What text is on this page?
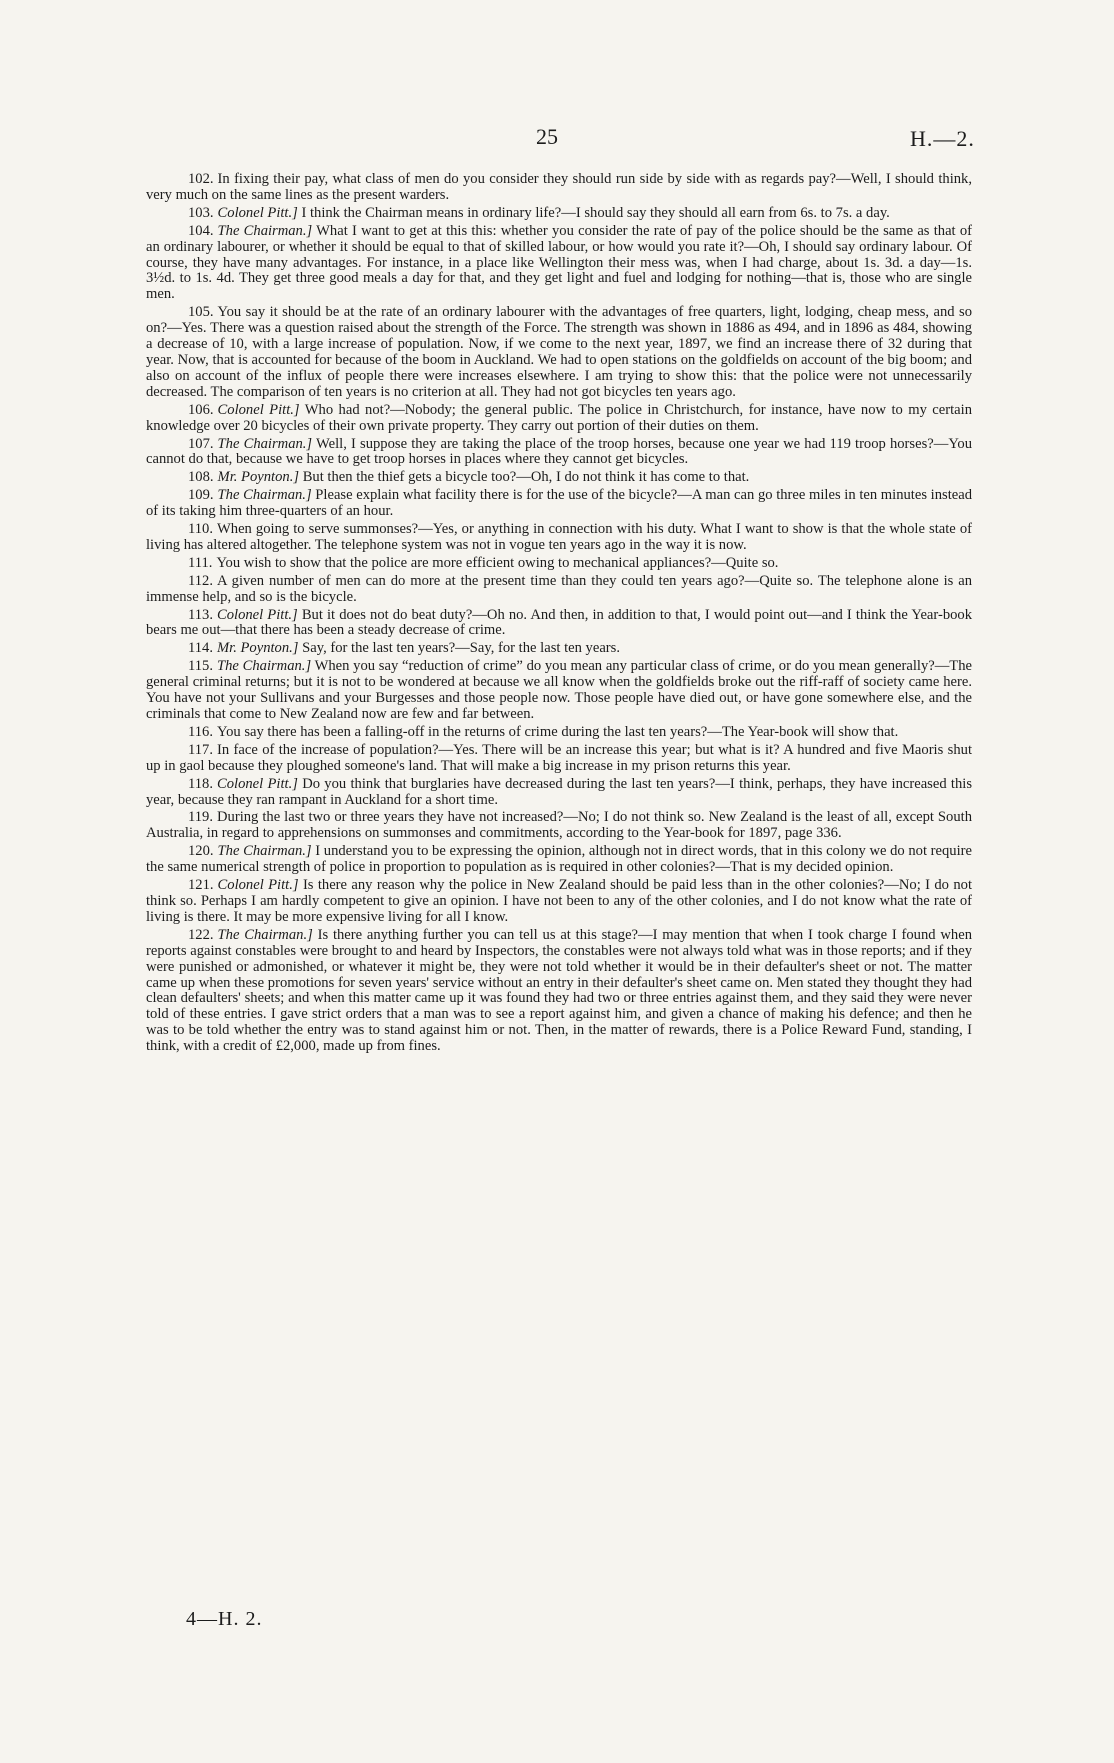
25	H.—2.

102. In fixing their pay, what class of men do you consider they should run side by side with as regards pay?—Well, I should think, very much on the same lines as the present warders.

103. Colonel Pitt.] I think the Chairman means in ordinary life?—I should say they should all earn from 6s. to 7s. a day.

104. The Chairman.] What I want to get at this this: whether you consider the rate of pay of the police should be the same as that of an ordinary labourer, or whether it should be equal to that of skilled labour, or how would you rate it?—Oh, I should say ordinary labour. Of course, they have many advantages. For instance, in a place like Wellington their mess was, when I had charge, about 1s. 3d. a day—1s. 3½d. to 1s. 4d. They get three good meals a day for that, and they get light and fuel and lodging for nothing—that is, those who are single men.

105. You say it should be at the rate of an ordinary labourer with the advantages of free quarters, light, lodging, cheap mess, and so on?—Yes. There was a question raised about the strength of the Force. The strength was shown in 1886 as 494, and in 1896 as 484, showing a decrease of 10, with a large increase of population. Now, if we come to the next year, 1897, we find an increase there of 32 during that year. Now, that is accounted for because of the boom in Auckland. We had to open stations on the goldfields on account of the big boom; and also on account of the influx of people there were increases elsewhere. I am trying to show this: that the police were not unnecessarily decreased. The comparison of ten years is no criterion at all. They had not got bicycles ten years ago.

106. Colonel Pitt.] Who had not?—Nobody; the general public. The police in Christchurch, for instance, have now to my certain knowledge over 20 bicycles of their own private property. They carry out portion of their duties on them.

107. The Chairman.] Well, I suppose they are taking the place of the troop horses, because one year we had 119 troop horses?—You cannot do that, because we have to get troop horses in places where they cannot get bicycles.

108. Mr. Poynton.] But then the thief gets a bicycle too?—Oh, I do not think it has come to that.

109. The Chairman.] Please explain what facility there is for the use of the bicycle?—A man can go three miles in ten minutes instead of its taking him three-quarters of an hour.

110. When going to serve summonses?—Yes, or anything in connection with his duty. What I want to show is that the whole state of living has altered altogether. The telephone system was not in vogue ten years ago in the way it is now.

111. You wish to show that the police are more efficient owing to mechanical appliances?—Quite so.

112. A given number of men can do more at the present time than they could ten years ago?—Quite so. The telephone alone is an immense help, and so is the bicycle.

113. Colonel Pitt.] But it does not do beat duty?—Oh no. And then, in addition to that, I would point out—and I think the Year-book bears me out—that there has been a steady decrease of crime.

114. Mr. Poynton.] Say, for the last ten years?—Say, for the last ten years.

115. The Chairman.] When you say “reduction of crime” do you mean any particular class of crime, or do you mean generally?—The general criminal returns; but it is not to be wondered at because we all know when the goldfields broke out the riff-raff of society came here. You have not your Sullivans and your Burgesses and those people now. Those people have died out, or have gone somewhere else, and the criminals that come to New Zealand now are few and far between.

116. You say there has been a falling-off in the returns of crime during the last ten years?—The Year-book will show that.

117. In face of the increase of population?—Yes. There will be an increase this year; but what is it? A hundred and five Maoris shut up in gaol because they ploughed someone's land. That will make a big increase in my prison returns this year.

118. Colonel Pitt.] Do you think that burglaries have decreased during the last ten years?—I think, perhaps, they have increased this year, because they ran rampant in Auckland for a short time.

119. During the last two or three years they have not increased?—No; I do not think so. New Zealand is the least of all, except South Australia, in regard to apprehensions on summonses and commitments, according to the Year-book for 1897, page 336.

120. The Chairman.] I understand you to be expressing the opinion, although not in direct words, that in this colony we do not require the same numerical strength of police in proportion to population as is required in other colonies?—That is my decided opinion.

121. Colonel Pitt.] Is there any reason why the police in New Zealand should be paid less than in the other colonies?—No; I do not think so. Perhaps I am hardly competent to give an opinion. I have not been to any of the other colonies, and I do not know what the rate of living is there. It may be more expensive living for all I know.

122. The Chairman.] Is there anything further you can tell us at this stage?—I may mention that when I took charge I found when reports against constables were brought to and heard by Inspectors, the constables were not always told what was in those reports; and if they were punished or admonished, or whatever it might be, they were not told whether it would be in their defaulter's sheet or not. The matter came up when these promotions for seven years' service without an entry in their defaulter's sheet came on. Men stated they thought they had clean defaulters' sheets; and when this matter came up it was found they had two or three entries against them, and they said they were never told of these entries. I gave strict orders that a man was to see a report against him, and given a chance of making his defence; and then he was to be told whether the entry was to stand against him or not. Then, in the matter of rewards, there is a Police Reward Fund, standing, I think, with a credit of £2,000, made up from fines.

4—H. 2.
